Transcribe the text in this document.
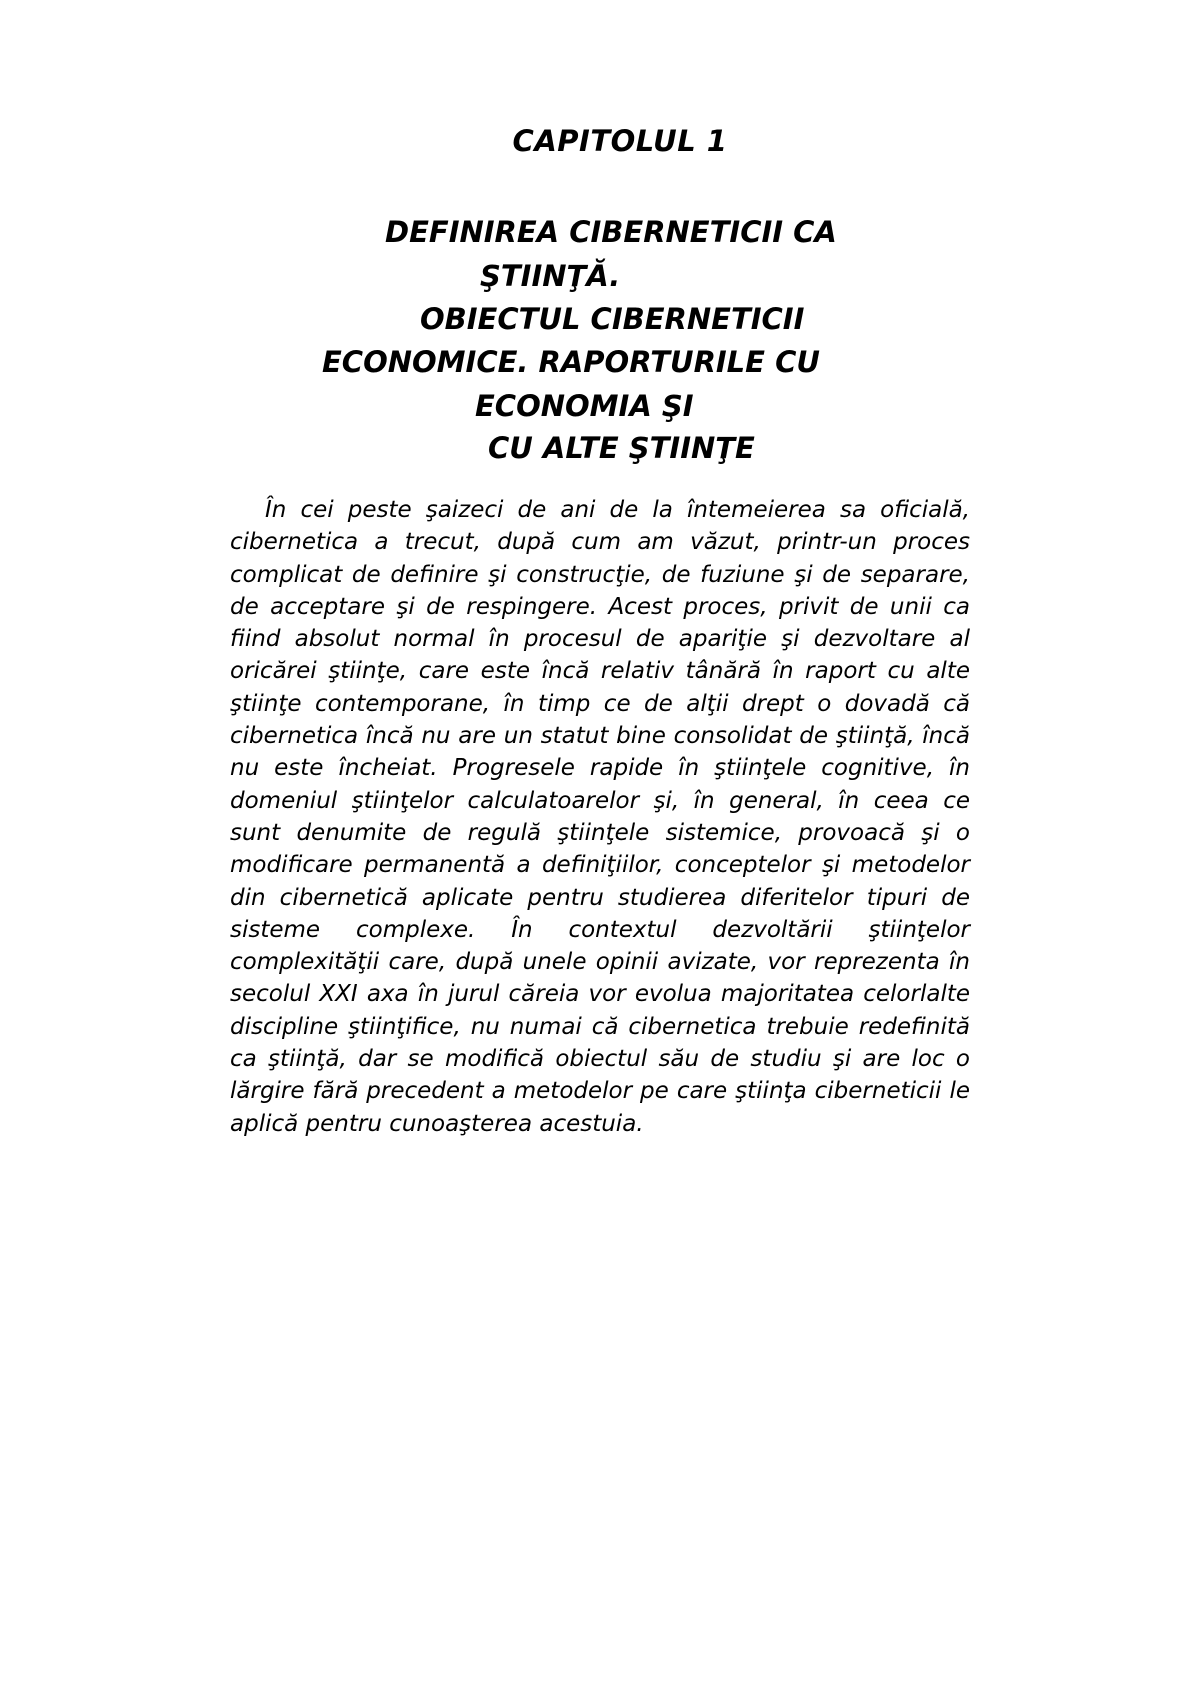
CAPITOLUL 1
DEFINIREA CIBERNETICII CA
ŞTIINŢĂ.
OBIECTUL CIBERNETICII
ECONOMICE. RAPORTURILE CU
ECONOMIA ŞI
CU ALTE ŞTIINŢE

În cei peste şaizeci de ani de la întemeierea sa oficială, cibernetica a trecut, după cum am văzut, printr-un proces complicat de definire şi construcţie, de fuziune şi de separare, de acceptare şi de respingere. Acest proces, privit de unii ca fiind absolut normal în procesul de apariţie şi dezvoltare al oricărei ştiinţe, care este încă relativ tânără în raport cu alte ştiinţe contemporane, în timp ce de alţii drept o dovadă că cibernetica încă nu are un statut bine consolidat de ştiinţă, încă nu este încheiat. Progresele rapide în ştiinţele cognitive, în domeniul ştiinţelor calculatoarelor şi, în general, în ceea ce sunt denumite de regulă ştiinţele sistemice, provoacă şi o modificare permanentă a definiţiilor, conceptelor şi metodelor din cibernetică aplicate pentru studierea diferitelor tipuri de sisteme complexe. În contextul dezvoltării ştiinţelor complexităţii care, după unele opinii avizate, vor reprezenta în secolul XXI axa în jurul căreia vor evolua majoritatea celorlalte discipline ştiinţifice, nu numai că cibernetica trebuie redefinită ca ştiinţă, dar se modifică obiectul său de studiu şi are loc o lărgire fără precedent a metodelor pe care ştiinţa ciberneticii le aplică pentru cunoaşterea acestuia.
